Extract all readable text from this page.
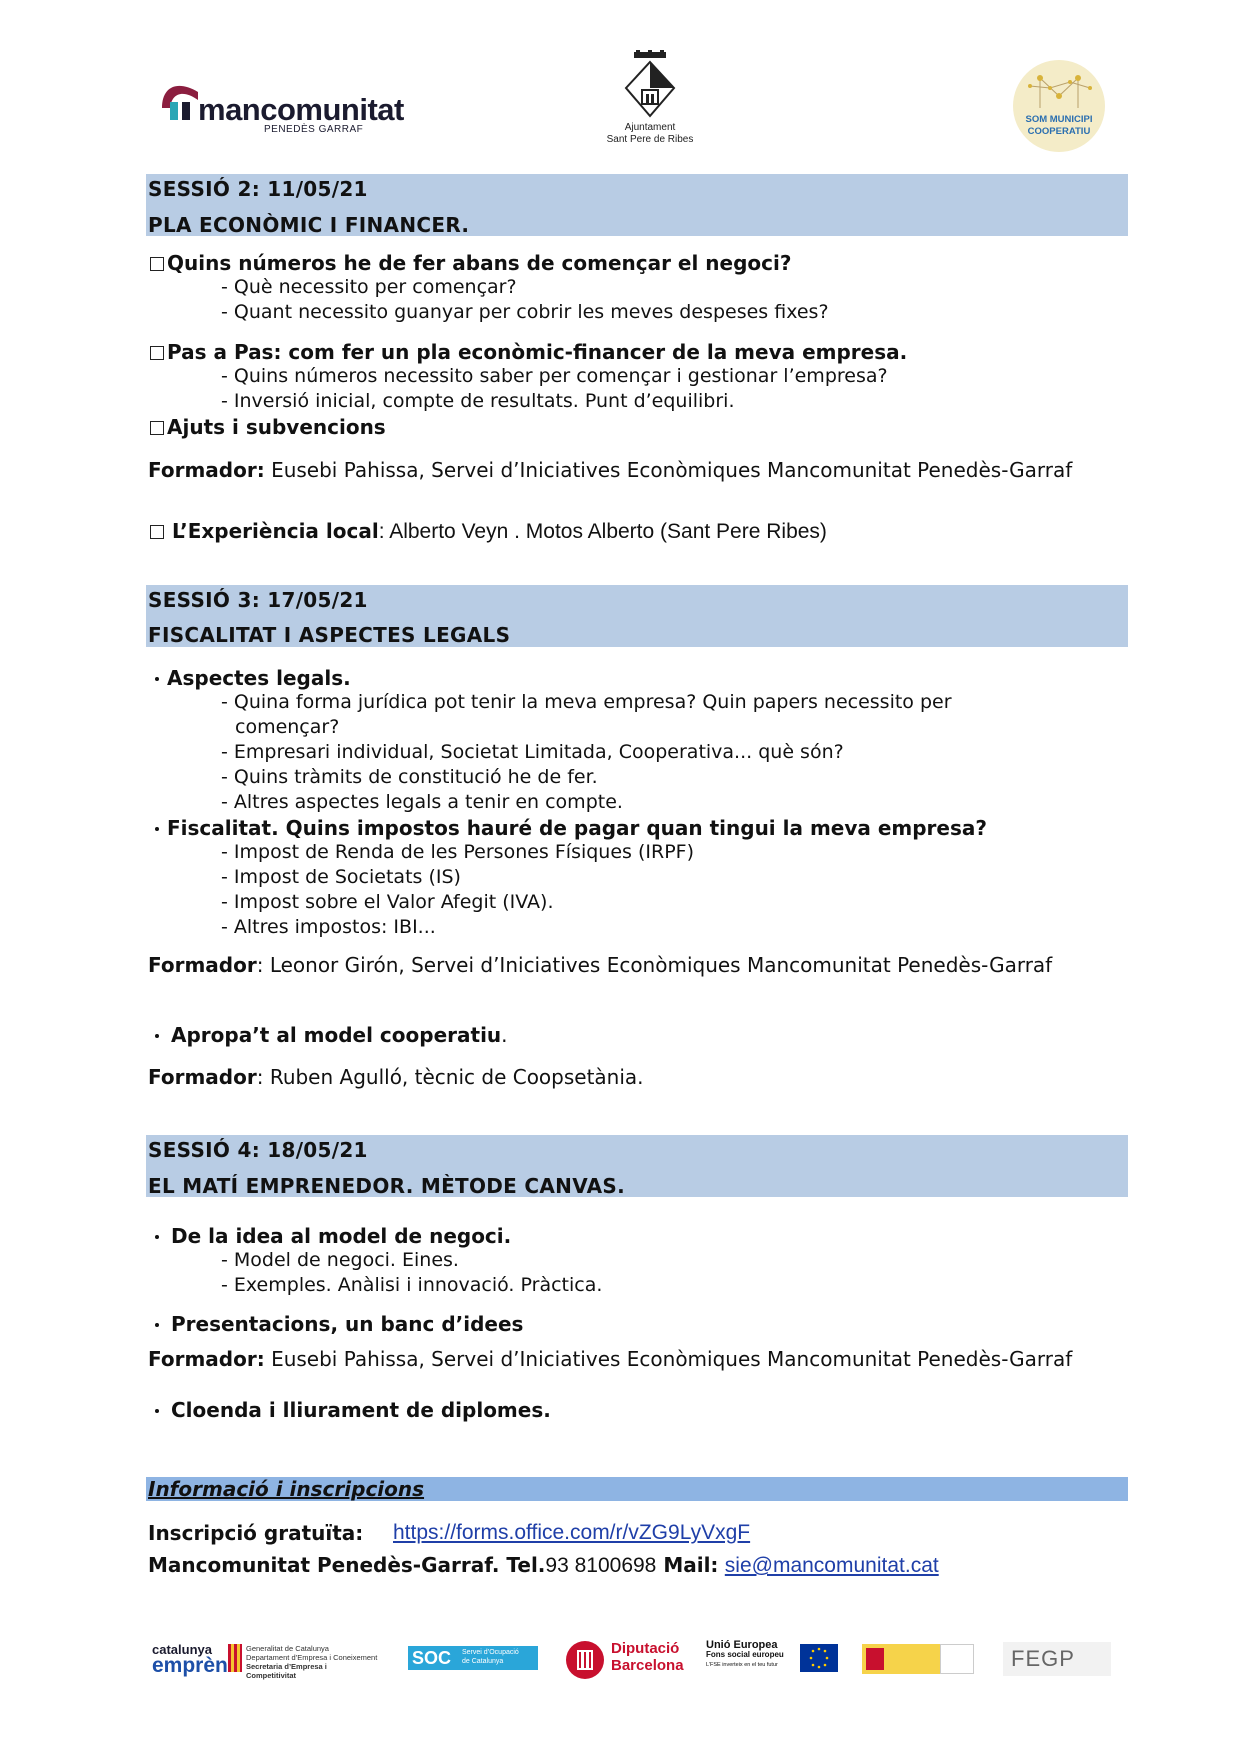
mancomunitat
PENEDÈS GARRAF	Ajuntament
Sant Pere de Ribes
SOM MUNICIPI
COOPERATIU
SESSIÓ 2: 11/05/21
PLA ECONÒMIC I FINANCER.
Quins números he de fer abans de començar el negoci?
- Què necessito per començar?
- Quant necessito guanyar per cobrir les meves despeses fixes?
Pas a Pas: com fer un pla econòmic-financer de la meva empresa.
- Quins números necessito saber per començar i gestionar l’empresa?
- Inversió inicial, compte de resultats. Punt d’equilibri.
Ajuts i subvencions
Formador: Eusebi Pahissa, Servei d’Iniciatives Econòmiques Mancomunitat Penedès-Garraf
L’Experiència local: Alberto Veyn . Motos Alberto (Sant Pere Ribes)
SESSIÓ 3: 17/05/21
FISCALITAT I ASPECTES LEGALS
Aspectes legals.
- Quina forma jurídica pot tenir la meva empresa? Quin papers necessito per
començar?
- Empresari individual, Societat Limitada, Cooperativa... què són?
- Quins tràmits de constitució he de fer.
- Altres aspectes legals a tenir en compte.
Fiscalitat. Quins impostos hauré de pagar quan tingui la meva empresa?
- Impost de Renda de les Persones Físiques (IRPF)
- Impost de Societats (IS)
- Impost sobre el Valor Afegit (IVA).
- Altres impostos: IBI...
Formador: Leonor Girón, Servei d’Iniciatives Econòmiques Mancomunitat Penedès-Garraf
Apropa’t al model cooperatiu.
Formador: Ruben Agulló, tècnic de Coopsetània.
SESSIÓ 4: 18/05/21
EL MATÍ EMPRENEDOR. MÈTODE CANVAS.
De la idea al model de negoci.
- Model de negoci. Eines.
- Exemples. Anàlisi i innovació. Pràctica.
Presentacions, un banc d’idees
Formador: Eusebi Pahissa, Servei d’Iniciatives Econòmiques Mancomunitat Penedès-Garraf
Cloenda i lliurament de diplomes.
Informació i inscripcions
Inscripció gratuïta: https://forms.office.com/r/vZG9LyVxgF
Mancomunitat Penedès-Garraf. Tel.93 8100698 Mail: sie@mancomunitat.cat
catalunya
emprèn
Generalitat de Catalunya
Departament d’Empresa i Coneixement
Secretaria d’Empresa i Competitivitat
SOC Servei d’Ocupació
de Catalunya
Diputació
Barcelona
Unió Europea
Fons social europeu
L’FSE inverteix en el teu futur	FEGP
